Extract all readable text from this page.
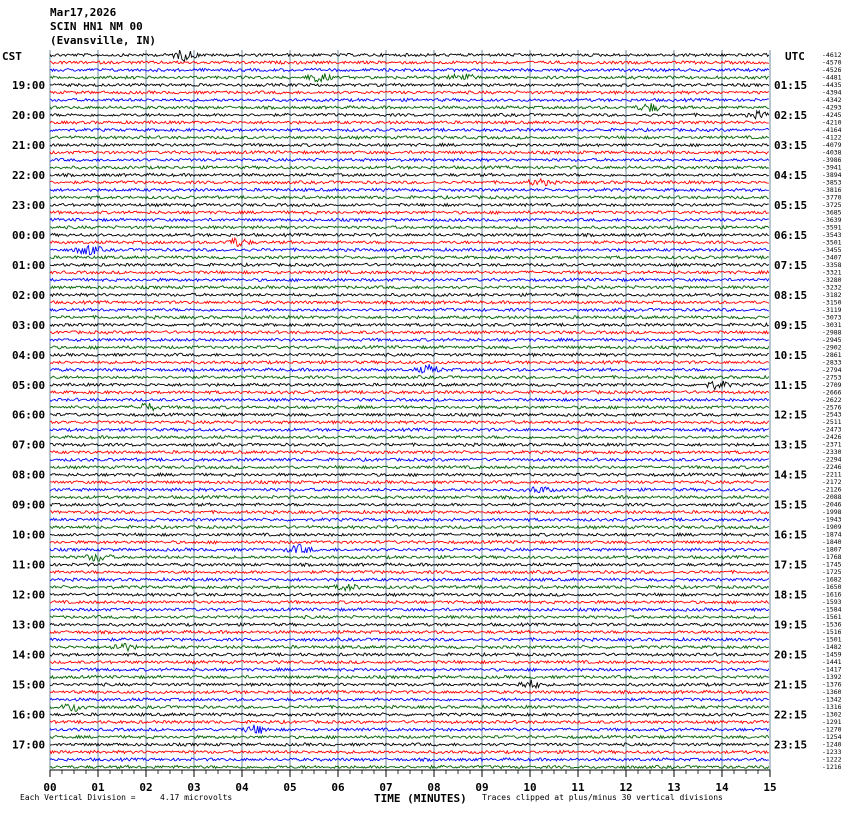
19:00
20:00
21:00
22:00
23:00
00:00
01:00
02:00
03:00
04:00
05:00
06:00
07:00
08:00
09:00
10:00
11:00
12:00
13:00
14:00
15:00
16:00
17:00
01:15
02:15
03:15
04:15
05:15
06:15
07:15
08:15
09:15
10:15
11:15
12:15
13:15
14:15
15:15
16:15
17:15
18:15
19:15
20:15
21:15
22:15
23:15
-4612
-4570
-4526
-4481
-4435
-4394
-4342
-4293
-4245
-4210
-4164
-4122
-4079
-4038
-3986
-3941
-3894
-3853
-3816
-3770
-3725
-3685
-3639
-3591
-3543
-3501
-3455
-3407
-3358
-3321
-3280
-3232
-3182
-3150
-3119
-3073
-3031
-2988
-2945
-2902
-2861
-2833
-2794
-2753
-2709
-2666
-2622
-2576
-2543
-2511
-2473
-2426
-2371
-2330
-2294
-2246
-2211
-2172
-2126
-2088
-2046
-1998
-1943
-1909
-1874
-1840
-1807
-1768
-1745
-1725
-1682
-1650
-1616
-1593
-1584
-1561
-1536
-1516
-1501
-1482
-1459
-1441
-1417
-1392
-1376
-1360
-1342
-1316
-1302
-1291
-1270
-1254
-1240
-1233
-1222
-1216
00	01	02	03	04	05	06	07	08	09	10	11	12	13	14	15
Mar17,2026
SCIN HN1 NM 00
(Evansville, IN)
CST	UTC
Each Vertical Division =	4.17 microvolts	TIME (MINUTES) Traces clipped at plus/minus 30 vertical divisions
